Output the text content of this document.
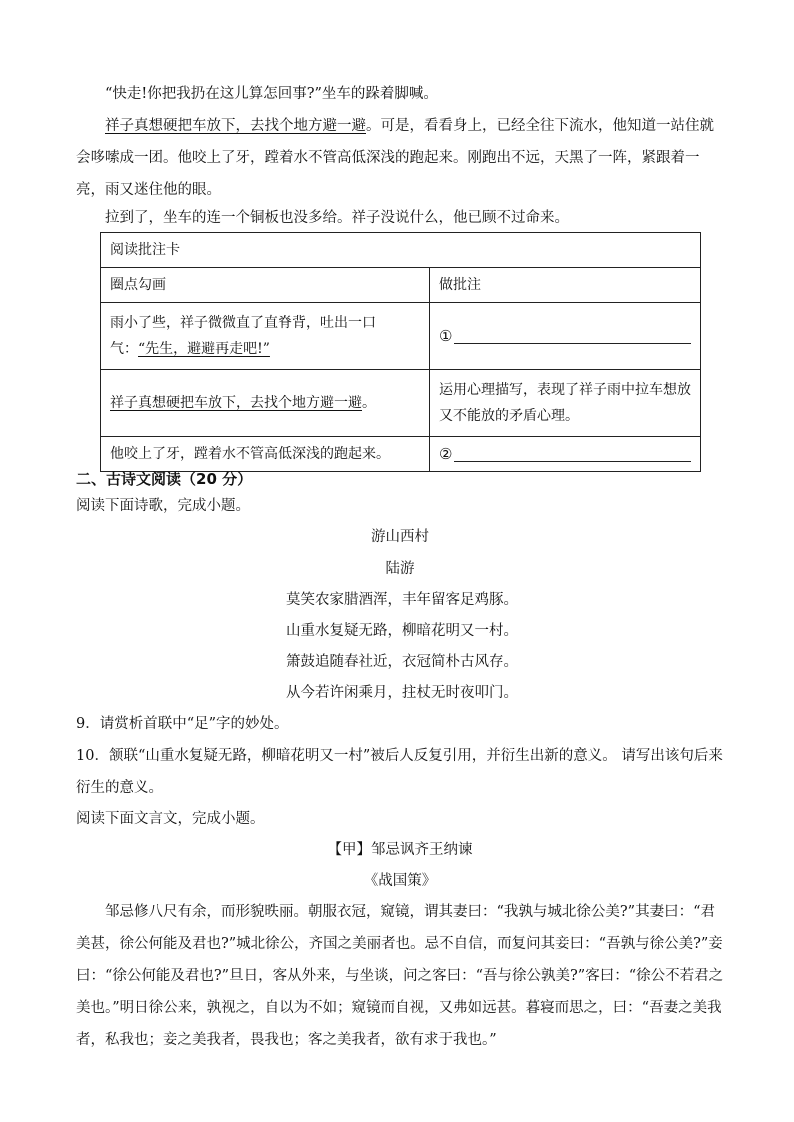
“快走!你把我扔在这儿算怎回事?”坐车的跺着脚喊。

祥子真想硬把车放下，去找个地方避一避。可是，看看身上，已经全往下流水，他知道一站住就会哆嗦成一团。他咬上了牙，蹚着水不管高低深浅的跑起来。刚跑出不远，天黑了一阵，紧跟着一亮，雨又迷住他的眼。

拉到了，坐车的连一个铜板也没多给。祥子没说什么，他已顾不过命来。

阅读批注卡	
圈点勾画	做批注
雨小了些，祥子微微直了直脊背，吐出一口气：“先生，避避再走吧!”	①

祥子真想硬把车放下，去找个地方避一避。	运用心理描写，表现了祥子雨中拉车想放又不能放的矛盾心理。
他咬上了牙，蹚着水不管高低深浅的跑起来。	②
二、古诗文阅读（20 分）

阅读下面诗歌，完成小题。

游山西村
陆游
莫笑农家腊酒浑，丰年留客足鸡豚。
山重水复疑无路，柳暗花明又一村。
箫鼓追随春社近，衣冠简朴古风存。
从今若许闲乘月，拄杖无时夜叩门。

9．请赏析首联中“足”字的妙处。

10．颔联“山重水复疑无路，柳暗花明又一村”被后人反复引用，并衍生出新的意义。 请写出该句后来衍生的意义。

阅读下面文言文，完成小题。

【甲】邹忌讽齐王纳谏
《战国策》

邹忌修八尺有余，而形貌昳丽。朝服衣冠，窥镜，谓其妻曰：“我孰与城北徐公美?”其妻曰：“君美甚，徐公何能及君也?”城北徐公，齐国之美丽者也。忌不自信，而复问其妾曰：“吾孰与徐公美?”妾曰：“徐公何能及君也?”旦日，客从外来，与坐谈，问之客曰：“吾与徐公孰美?”客曰：“徐公不若君之美也。”明日徐公来，孰视之，自以为不如；窥镜而自视，又弗如远甚。暮寝而思之，曰：“吾妻之美我者，私我也；妾之美我者，畏我也；客之美我者，欲有求于我也。”
